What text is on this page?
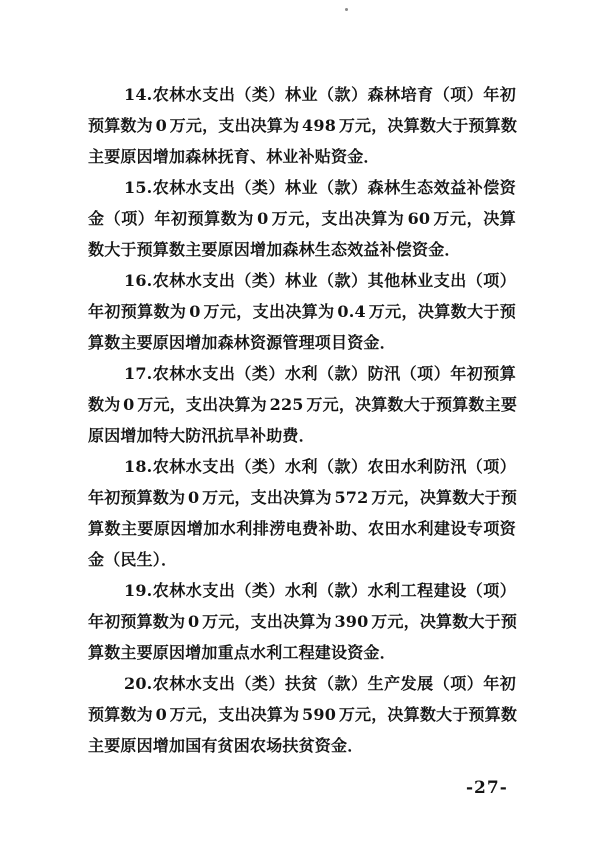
14.农林水支出（类）林业（款）森林培育（项）年初
预算数为 0 万元，支出决算为 498 万元，决算数大于预算数
主要原因增加森林抚育、林业补贴资金．
15.农林水支出（类）林业（款）森林生态效益补偿资
金（项）年初预算数为 0 万元，支出决算为 60 万元，决算
数大于预算数主要原因增加森林生态效益补偿资金．
16.农林水支出（类）林业（款）其他林业支出（项）
年初预算数为 0 万元，支出决算为 0.4 万元，决算数大于预
算数主要原因增加森林资源管理项目资金．
17.农林水支出（类）水利（款）防汛（项）年初预算
数为 0 万元，支出决算为 225 万元，决算数大于预算数主要
原因增加特大防汛抗旱补助费．
18.农林水支出（类）水利（款）农田水利防汛（项）
年初预算数为 0 万元，支出决算为 572 万元，决算数大于预
算数主要原因增加水利排涝电费补助、农田水利建设专项资
金（民生）．
19.农林水支出（类）水利（款）水利工程建设（项）
年初预算数为 0 万元，支出决算为 390 万元，决算数大于预
算数主要原因增加重点水利工程建设资金．
20.农林水支出（类）扶贫（款）生产发展（项）年初
预算数为 0 万元，支出决算为 590 万元，决算数大于预算数
主要原因增加国有贫困农场扶贫资金．
-27-
